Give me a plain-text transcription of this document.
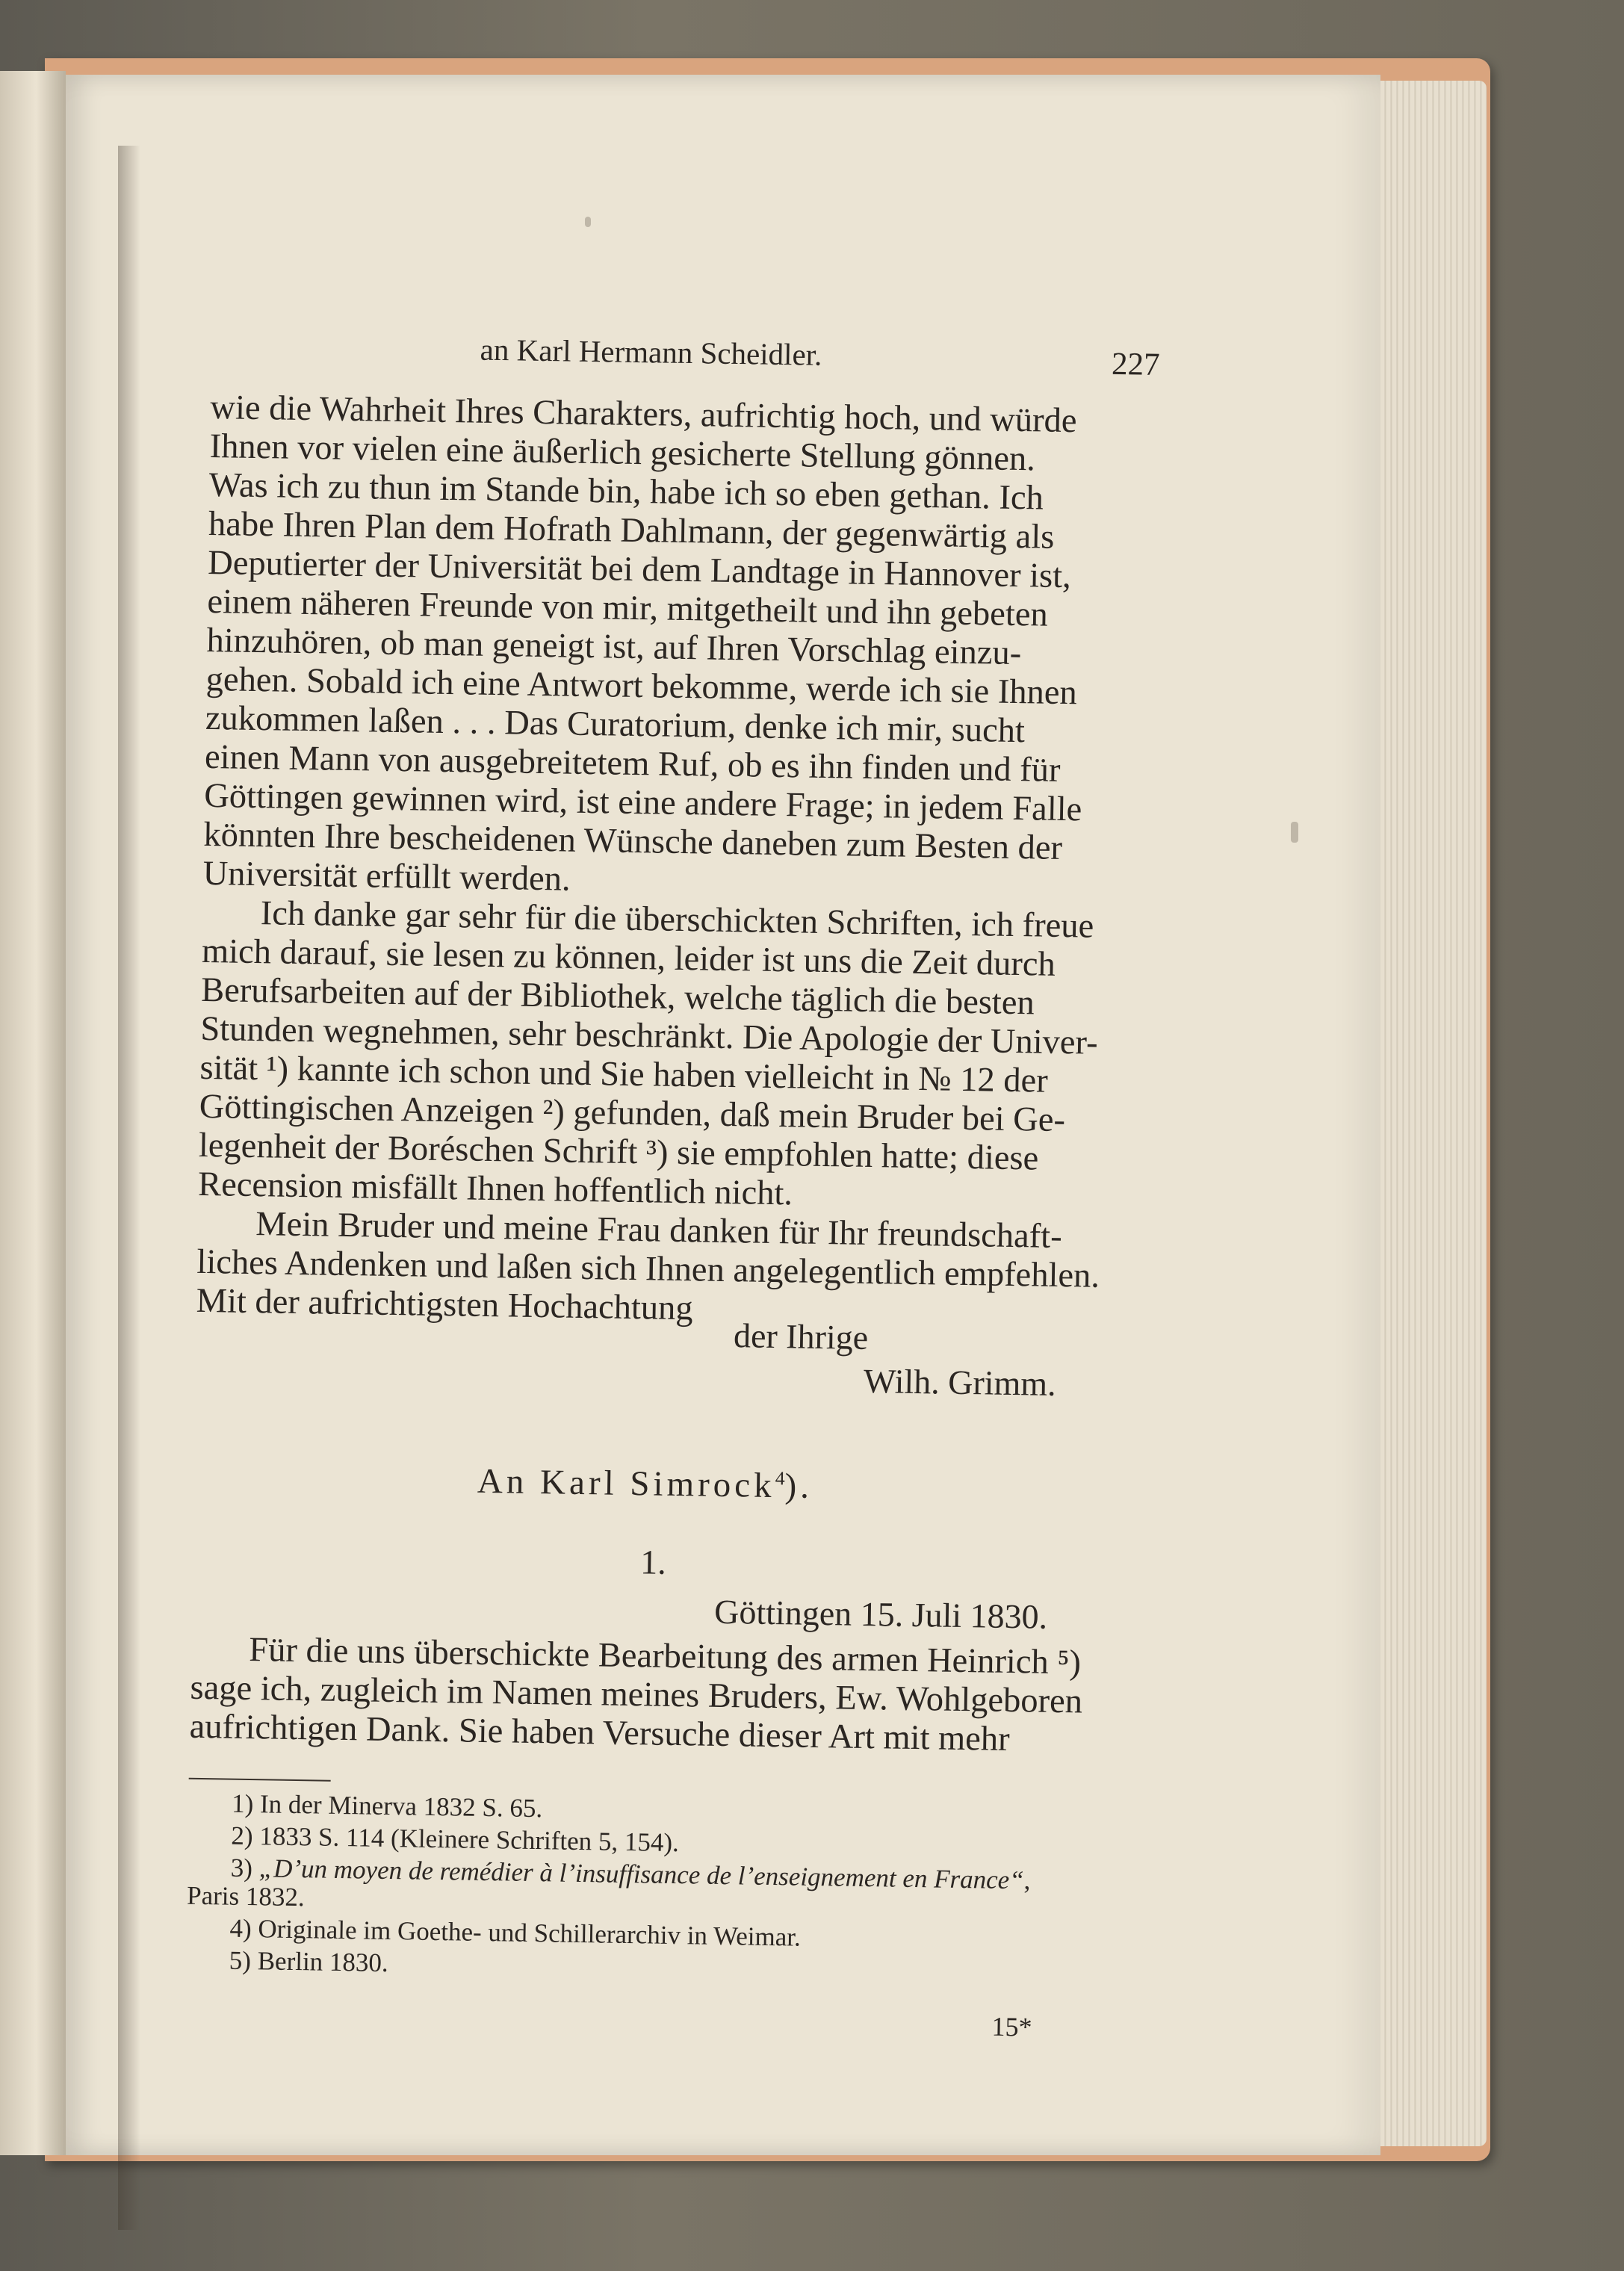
an Karl Hermann Scheidler.	227

wie die Wahrheit Ihres Charakters, aufrichtig hoch, und würde
Ihnen vor vielen eine äußerlich gesicherte Stellung gönnen.
Was ich zu thun im Stande bin, habe ich so eben gethan. Ich
habe Ihren Plan dem Hofrath Dahlmann, der gegenwärtig als
Deputierter der Universität bei dem Landtage in Hannover ist,
einem näheren Freunde von mir, mitgetheilt und ihn gebeten
hinzuhören, ob man geneigt ist, auf Ihren Vorschlag einzu-
gehen. Sobald ich eine Antwort bekomme, werde ich sie Ihnen
zukommen laßen . . . Das Curatorium, denke ich mir, sucht
einen Mann von ausgebreitetem Ruf, ob es ihn finden und für
Göttingen gewinnen wird, ist eine andere Frage; in jedem Falle
könnten Ihre bescheidenen Wünsche daneben zum Besten der
Universität erfüllt werden.

Ich danke gar sehr für die überschickten Schriften, ich freue
mich darauf, sie lesen zu können, leider ist uns die Zeit durch
Berufsarbeiten auf der Bibliothek, welche täglich die besten
Stunden wegnehmen, sehr beschränkt. Die Apologie der Univer-
sität ¹) kannte ich schon und Sie haben vielleicht in № 12 der
Göttingischen Anzeigen ²) gefunden, daß mein Bruder bei Ge-
legenheit der Boréschen Schrift ³) sie empfohlen hatte; diese
Recension misfällt Ihnen hoffentlich nicht.

Mein Bruder und meine Frau danken für Ihr freundschaft-
liches Andenken und laßen sich Ihnen angelegentlich empfehlen.
Mit der aufrichtigsten Hochachtung

der Ihrige
Wilh. Grimm.
An Karl Simrock$^4$).
1.
Göttingen 15. Juli 1830.

Für die uns überschickte Bearbeitung des armen Heinrich ⁵)
sage ich, zugleich im Namen meines Bruders, Ew. Wohlgeboren
aufrichtigen Dank. Sie haben Versuche dieser Art mit mehr

1) In der Minerva 1832 S. 65.
2) 1833 S. 114 (Kleinere Schriften 5, 154).
3) „D’un moyen de remédier à l’insuffisance de l’enseignement en France“,
Paris 1832.
4) Originale im Goethe- und Schillerarchiv in Weimar.
5) Berlin 1830.
15*
